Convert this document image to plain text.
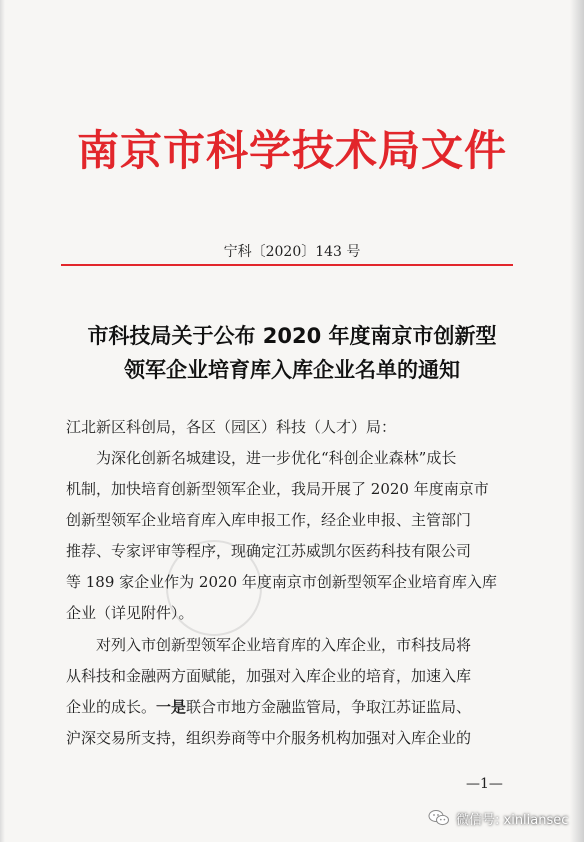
南京市科学技术局文件
宁科〔2020〕143 号
市科技局关于公布 2020 年度南京市创新型
领军企业培育库入库企业名单的通知
江北新区科创局，各区（园区）科技（人才）局：
为深化创新名城建设，进一步优化“科创企业森林”成长
机制，加快培育创新型领军企业，我局开展了 2020 年度南京市
创新型领军企业培育库入库申报工作，经企业申报、主管部门
推荐、专家评审等程序，现确定江苏威凯尔医药科技有限公司
等 189 家企业作为 2020 年度南京市创新型领军企业培育库入库
企业（详见附件）。
对列入市创新型领军企业培育库的入库企业，市科技局将
从科技和金融两方面赋能，加强对入库企业的培育，加速入库
企业的成长。一是联合市地方金融监管局，争取江苏证监局、
沪深交易所支持，组织券商等中介服务机构加强对入库企业的
—1—
微信号: xinliansec
